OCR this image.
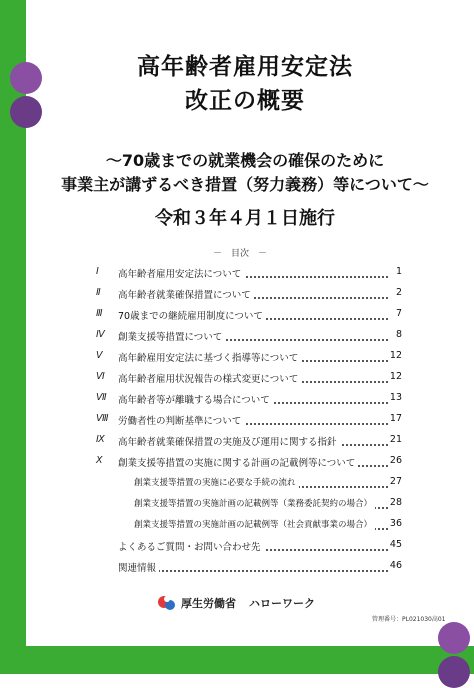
高年齢者雇用安定法
改正の概要
～70歳までの就業機会の確保のために
事業主が講ずるべき措置（努力義務）等について～
令和３年４月１日施行
－　目次　－
Ⅰ	高年齢者雇用安定法について	1
Ⅱ	高年齢者就業確保措置について	2
Ⅲ	70歳までの継続雇用制度について	7
Ⅳ	創業支援等措置について	8
Ⅴ	高年齢雇用安定法に基づく指導等について	12
Ⅵ	高年齢者雇用状況報告の様式変更について	12
Ⅶ	高年齢者等が離職する場合について	13
Ⅷ 労働者性の判断基準について	17
Ⅸ	高年齢者就業確保措置の実施及び運用に関する指針	21
Ⅹ	創業支援等措置の実施に関する計画の記載例等について	26
創業支援等措置の実施に必要な手続の流れ	27
創業支援等措置の実施計画の記載例等（業務委託契約の場合）	28
創業支援等措置の実施計画の記載例等（社会貢献事業の場合）	36
よくあるご質問・お問い合わせ先	45
関連情報	46
厚生労働省 ハローワーク
管理番号：PL021030高01
